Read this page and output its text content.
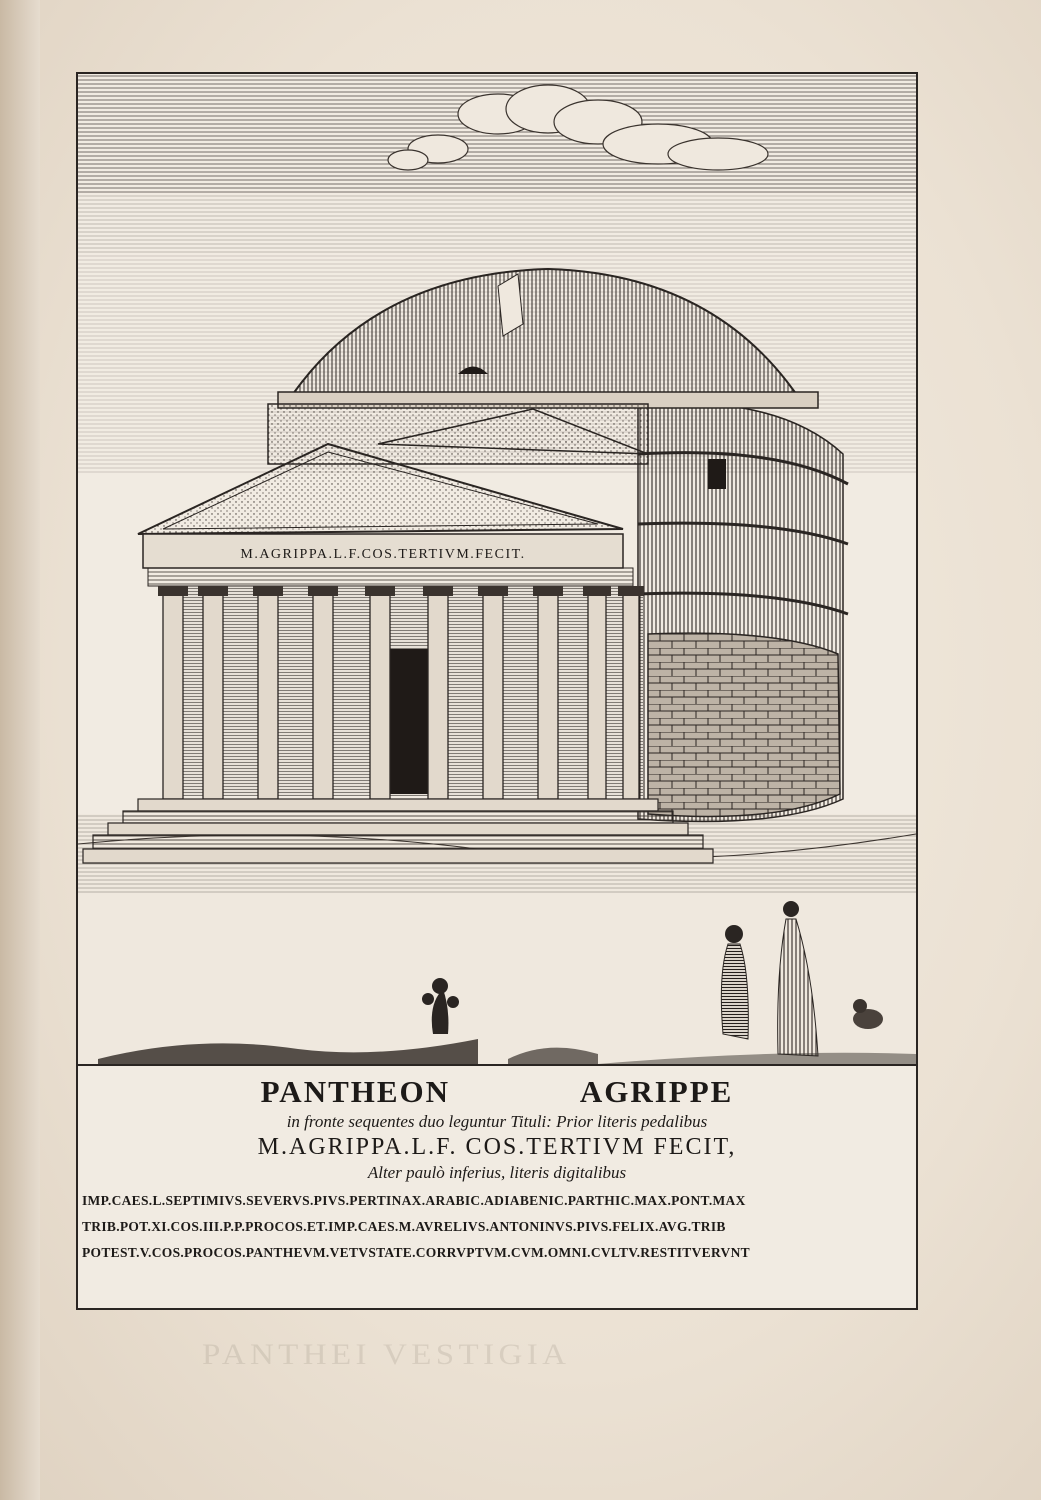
M.AGRIPPA.L.F.COS.TERTIVM.FECIT.
PANTHEON	AGRIPPE
in fronte sequentes duo leguntur Tituli: Prior literis pedalibus
M.AGRIPPA.L.F. COS.TERTIVM FECIT,
Alter paulò inferius, literis digitalibus
IMP.CAES.L.SEPTIMIVS.SEVERVS.PIVS.PERTINAX.ARABIC.ADIABENIC.PARTHIC.MAX.PONT.MAX
TRIB.POT.XI.COS.III.P.P.PROCOS.ET.IMP.CAES.M.AVRELIVS.ANTONINVS.PIVS.FELIX.AVG.TRIB
POTEST.V.COS.PROCOS.PANTHEVM.VETVSTATE.CORRVPTVM.CVM.OMNI.CVLTV.RESTITVERVNT
PANTHEI VESTIGIA
